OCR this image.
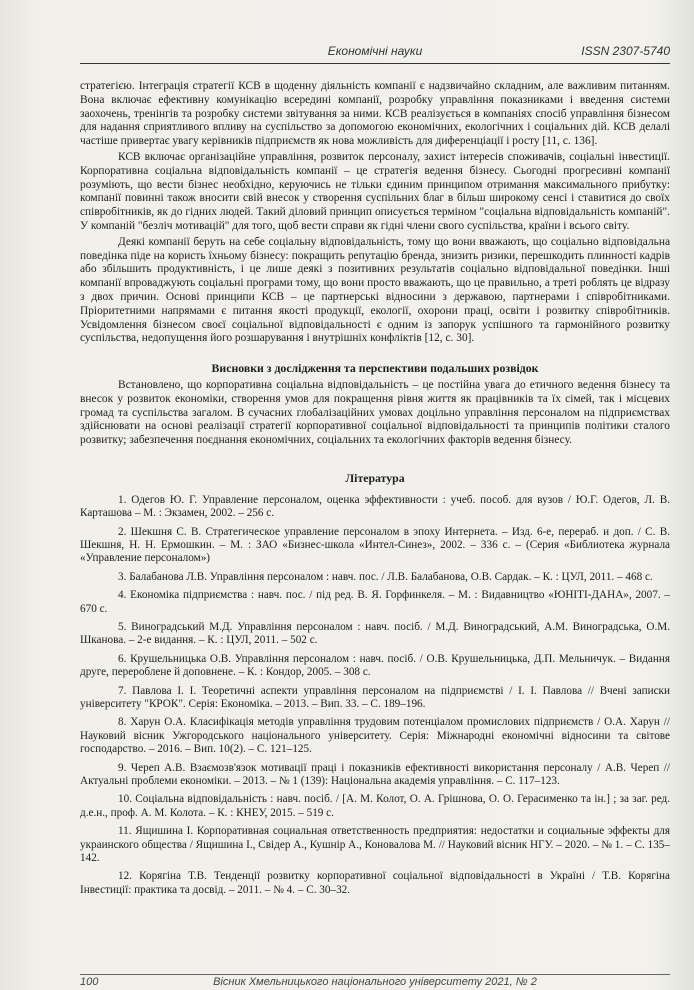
Економічні науки	ISSN 2307-5740

стратегією. Інтеграція стратегії КСВ в щоденну діяльність компанії є надзвичайно складним, але важливим питанням. Вона включає ефективну комунікацію всередині компанії, розробку управління показниками і введення системи заохочень, тренінгів та розробку системи звітування за ними. КСВ реалізується в компаніях спосіб управління бізнесом для надання сприятливого впливу на суспільство за допомогою економічних, екологічних і соціальних дій. КСВ делалі частіше привертає увагу керівників підприємств як нова можливість для диференціації і росту [11, с. 136].

КСВ включає організаційне управління, розвиток персоналу, захист інтересів споживачів, соціальні інвестиції. Корпоративна соціальна відповідальність компанії – це стратегія ведення бізнесу. Сьогодні прогресивні компанії розуміють, що вести бізнес необхідно, керуючись не тільки єдиним принципом отримання максимального прибутку: компанії повинні також вносити свій внесок у створення суспільних благ в більш широкому сенсі і ставитися до своїх співробітників, як до гідних людей. Такий діловий принцип описується терміном "соціальна відповідальність компаній". У компаній "безліч мотивацій" для того, щоб вести справи як гідні члени свого суспільства, країни і всього світу.

Деякі компанії беруть на себе соціальну відповідальність, тому що вони вважають, що соціально відповідальна поведінка піде на користь їхньому бізнесу: покращить репутацію бренда, знизить ризики, перешкодить плинності кадрів або збільшить продуктивність, і це лише деякі з позитивних результатів соціально відповідальної поведінки. Інші компанії впроваджують соціальні програми тому, що вони просто вважають, що це правильно, а треті роблять це відразу з двох причин. Основі принципи КСВ – це партнерські відносини з державою, партнерами і співробітниками. Пріоритетними напрямами є питання якості продукції, екології, охорони праці, освіти і розвитку співробітників. Усвідомлення бізнесом своєї соціальної відповідальності є одним із запорук успішного та гармонійного розвитку суспільства, недопущення його розшарування і внутрішніх конфліктів [12, с. 30].

Висновки з дослідження та перспективи подальших розвідок

Встановлено, що корпоративна соціальна відповідальність – це постійна увага до етичного ведення бізнесу та внесок у розвиток економіки, створення умов для покращення рівня життя як працівників та їх сімей, так і місцевих громад та суспільства загалом. В сучасних глобалізаційних умовах доцільно управління персоналом на підприємствах здійснювати на основі реалізації стратегії корпоративної соціальної відповідальності та принципів політики сталого розвитку; забезпечення поєднання економічних, соціальних та екологічних факторів ведення бізнесу.

Література
1. Одегов Ю. Г. Управление персоналом, оценка эффективности : учеб. пособ. для вузов / Ю.Г. Одегов, Л. В. Карташова – М. : Экзамен, 2002. – 256 с.
2. Шекшня С. В. Стратегическое управление персоналом в эпоху Интернета. – Изд. 6-е, перераб. и доп. / С. В. Шекшня, Н. Н. Ермошкин. – М. : ЗАО «Бизнес-школа «Интел-Синез», 2002. – 336 с. – (Серия «Библиотека журнала «Управление персоналом»)
3. Балабанова Л.В. Управління персоналом : навч. пос. / Л.В. Балабанова, О.В. Сардак. – К. : ЦУЛ, 2011. – 468 с.
4. Економіка підприємства : навч. пос. / під ред. В. Я. Горфинкеля. – М. : Видавництво «ЮНІТІ-ДАНА», 2007. – 670 с.
5. Виноградський М.Д. Управління персоналом : навч. посіб. / М.Д. Виноградський, А.М. Виноградська, О.М. Шканова. – 2-е видання. – К. : ЦУЛ, 2011. – 502 с.
6. Крушельницька О.В. Управління персоналом : навч. посіб. / О.В. Крушельницька, Д.П. Мельничук. – Видання друге, перероблене й доповнене. – К. : Кондор, 2005. – 308 с.
7. Павлова І. І. Теоретичні аспекти управління персоналом на підприємстві / І. І. Павлова // Вчені записки університету "КРОК". Серія: Економіка. – 2013. – Вип. 33. – С. 189–196.
8. Харун О.А. Класифікація методів управління трудовим потенціалом промислових підприємств / О.А. Харун // Науковий вісник Ужгородського національного університету. Серія: Міжнародні економічні відносини та світове господарство. – 2016. – Вип. 10(2). – С. 121–125.
9. Череп А.В. Взаємозв'язок мотивації праці і показників ефективності використання персоналу / А.В. Череп // Актуальні проблеми економіки. – 2013. – № 1 (139): Національна академія управління. – С. 117–123.
10. Соціальна відповідальність : навч. посіб. / [А. М. Колот, О. А. Грішнова, О. О. Герасименко та ін.] ; за заг. ред. д.е.н., проф. А. М. Колота. – К. : КНЕУ, 2015. – 519 с.
11. Ящишина І. Корпоративная социальная ответственность предприятия: недостатки и социальные эффекты для украинского общества / Ящишина І., Свідер А., Кушнір А., Коновалова М. // Науковий вісник НГУ. – 2020. – № 1. – С. 135–142.
12. Корягіна Т.В. Тенденції розвитку корпоративної соціальної відповідальності в Україні / Т.В. Корягіна Інвестиції: практика та досвід. – 2011. – № 4. – С. 30–32.
100	Вісник Хмельницького національного університету 2021, № 2
